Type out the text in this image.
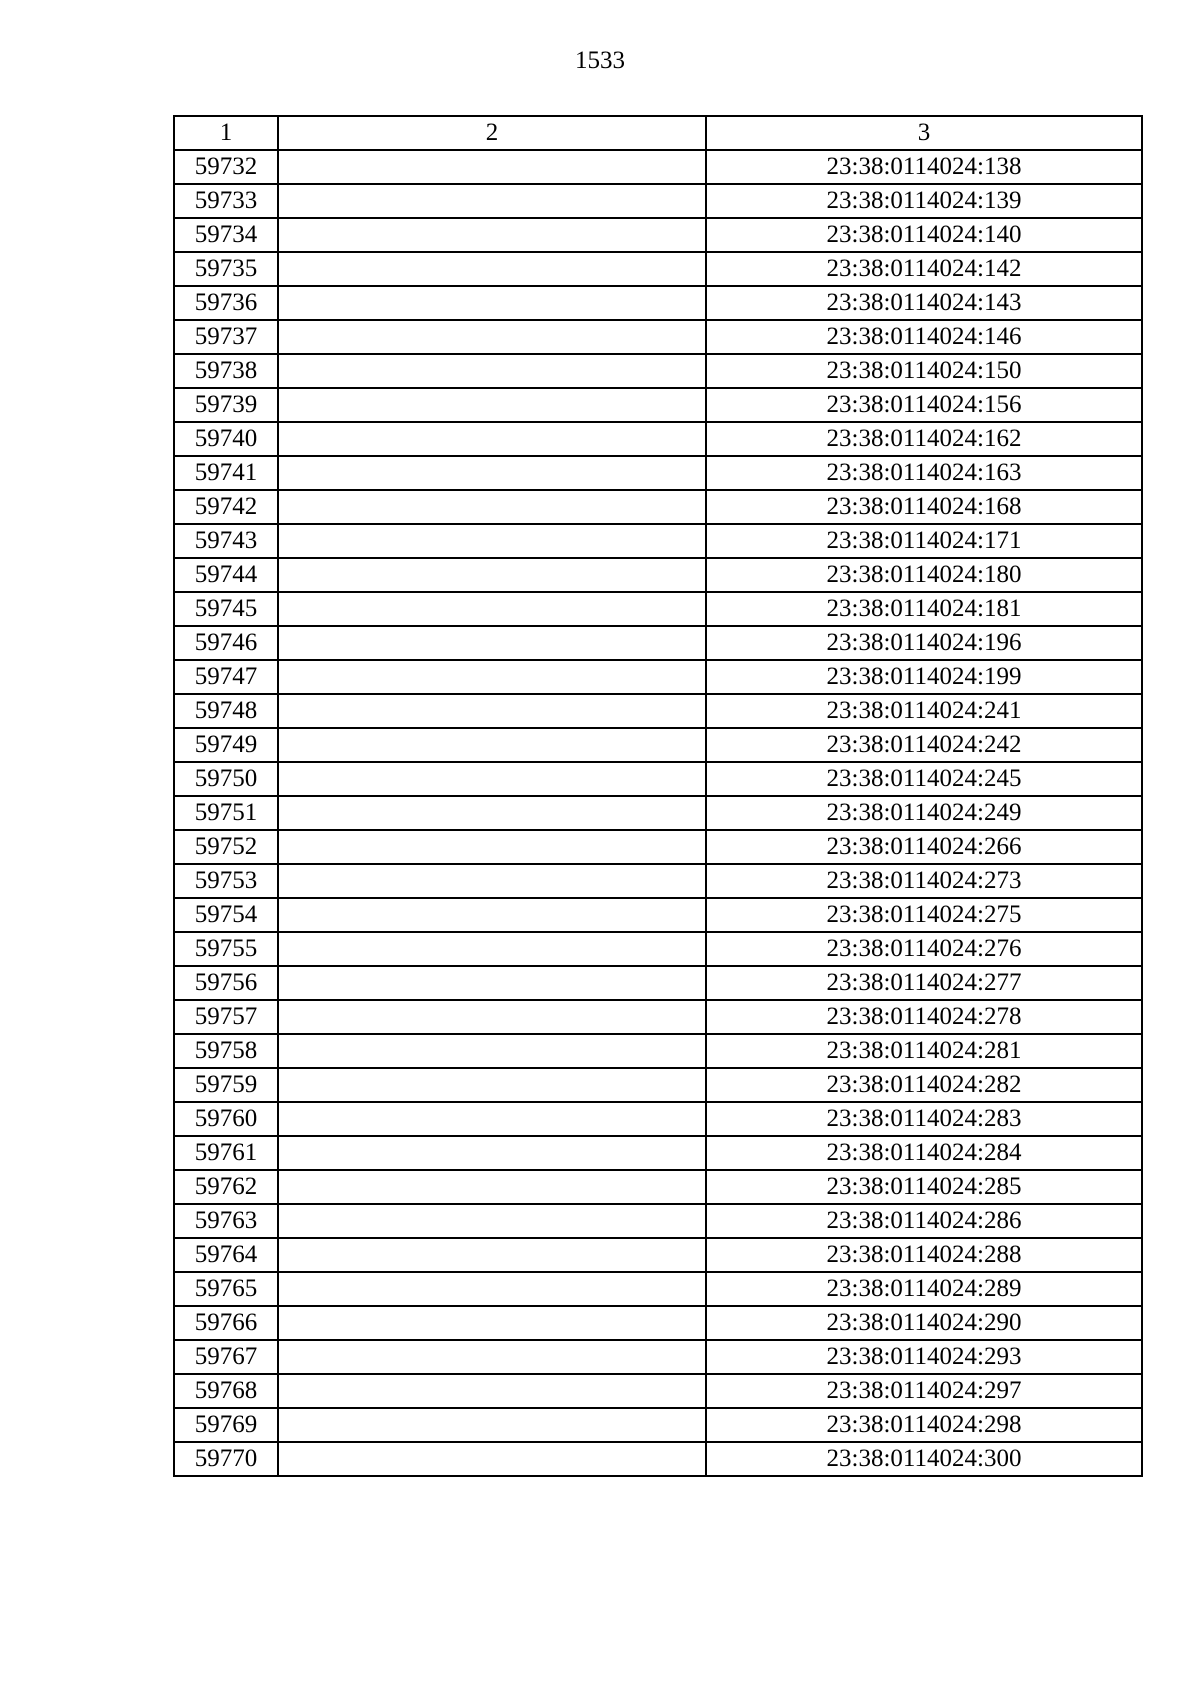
1533
1	2	3
59732		23:38:0114024:138
59733		23:38:0114024:139
59734		23:38:0114024:140
59735		23:38:0114024:142
59736		23:38:0114024:143
59737		23:38:0114024:146
59738		23:38:0114024:150
59739		23:38:0114024:156
59740		23:38:0114024:162
59741		23:38:0114024:163
59742		23:38:0114024:168
59743		23:38:0114024:171
59744		23:38:0114024:180
59745		23:38:0114024:181
59746		23:38:0114024:196
59747		23:38:0114024:199
59748		23:38:0114024:241
59749		23:38:0114024:242
59750		23:38:0114024:245
59751		23:38:0114024:249
59752		23:38:0114024:266
59753		23:38:0114024:273
59754		23:38:0114024:275
59755		23:38:0114024:276
59756		23:38:0114024:277
59757		23:38:0114024:278
59758		23:38:0114024:281
59759		23:38:0114024:282
59760		23:38:0114024:283
59761		23:38:0114024:284
59762		23:38:0114024:285
59763		23:38:0114024:286
59764		23:38:0114024:288
59765		23:38:0114024:289
59766		23:38:0114024:290
59767		23:38:0114024:293
59768		23:38:0114024:297
59769		23:38:0114024:298
59770		23:38:0114024:300
